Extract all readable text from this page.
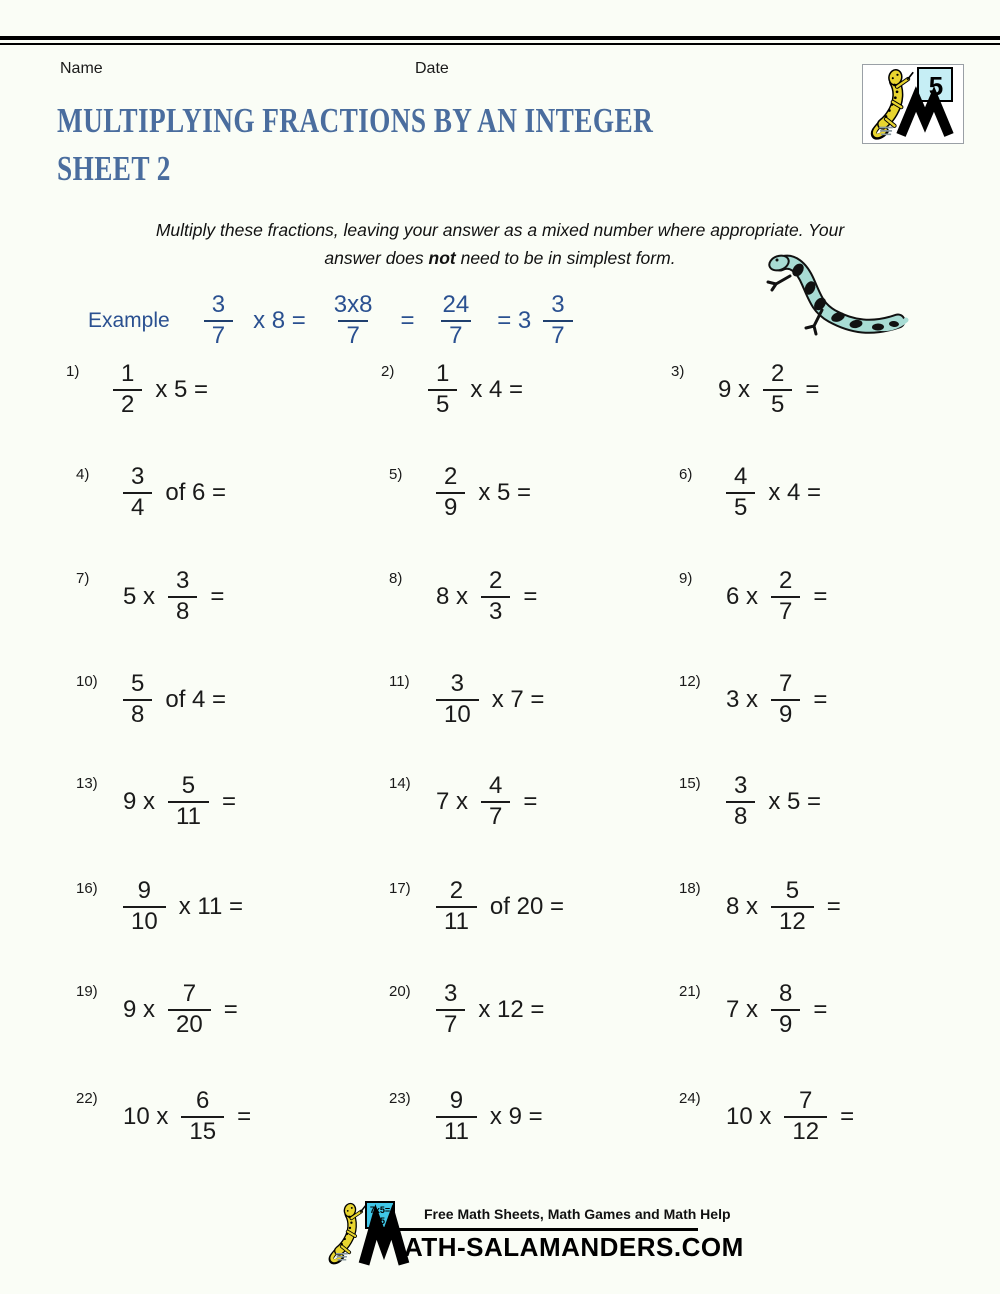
Name	Date
5
MULTIPLYING FRACTIONS BY AN INTEGER
SHEET 2
Multiply these fractions, leaving your answer as a mixed number where appropriate. Your
answer does not need to be in simplest form.
Example $\frac{3}{7}$ x $8 = \frac{3x8}{7} = \frac{24}{7} = 3 \frac{3}{7}$
1)	$\frac{1}{2}$ x 5 =
2)	$\frac{1}{5}$ x 4 =
3)
9 x $\frac{2}{5}$ =
4)	$\frac{3}{4}$ of 6 =
5)	$\frac{2}{9}$ x 5 =
6)	$\frac{4}{5}$ x 4 =
7)
5 x $\frac{3}{8}$ =
8)
8 x $\frac{2}{3}$ =
9)
6 x $\frac{2}{7}$ =
10)	$\frac{5}{8}$ of 4 =
11)	$\frac{3}{10}$ x 7 =
12)
3 x $\frac{7}{9}$ =
13)
9 x $\frac{5}{11}$ =
14)
7 x $\frac{4}{7}$ =
15)	$\frac{3}{8}$ x 5 =
16)	$\frac{9}{10}$ x 11 =
17)	$\frac{2}{11}$ of 20 =
18)
8 x $\frac{5}{12}$ =
19)
9 x $\frac{7}{20}$ =
20)	$\frac{3}{7}$ x 12 =
21)
7 x $\frac{8}{9}$ =
22)
10 x $\frac{6}{15}$ =
23)	$\frac{9}{11}$ x 9 =
24)
10 x $\frac{7}{12}$ =
7x5=
35	Free Math Sheets, Math Games and Math Help
ATH-SALAMANDERS.COM
